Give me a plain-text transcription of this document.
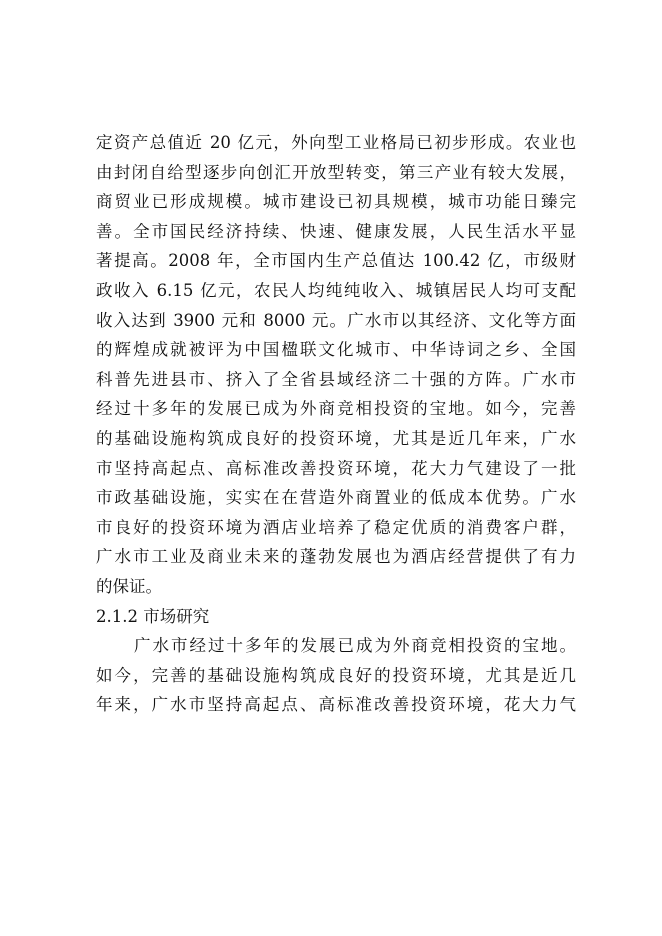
定资产总值近 20 亿元，外向型工业格局已初步形成。农业也
由封闭自给型逐步向创汇开放型转变，第三产业有较大发展，
商贸业已形成规模。城市建设已初具规模，城市功能日臻完
善。全市国民经济持续、快速、健康发展，人民生活水平显
著提高。2008 年，全市国内生产总值达 100.42 亿，市级财
政收入 6.15 亿元，农民人均纯纯收入、城镇居民人均可支配
收入达到 3900 元和 8000 元。广水市以其经济、文化等方面
的辉煌成就被评为中国楹联文化城市、中华诗词之乡、全国
科普先进县市、挤入了全省县域经济二十强的方阵。广水市
经过十多年的发展已成为外商竞相投资的宝地。如今，完善
的基础设施构筑成良好的投资环境，尤其是近几年来，广水
市坚持高起点、高标准改善投资环境，花大力气建设了一批
市政基础设施，实实在在营造外商置业的低成本优势。广水
市良好的投资环境为酒店业培养了稳定优质的消费客户群，
广水市工业及商业未来的蓬勃发展也为酒店经营提供了有力
的保证。
2.1.2 市场研究
广水市经过十多年的发展已成为外商竞相投资的宝地。
如今，完善的基础设施构筑成良好的投资环境，尤其是近几
年来，广水市坚持高起点、高标准改善投资环境，花大力气
